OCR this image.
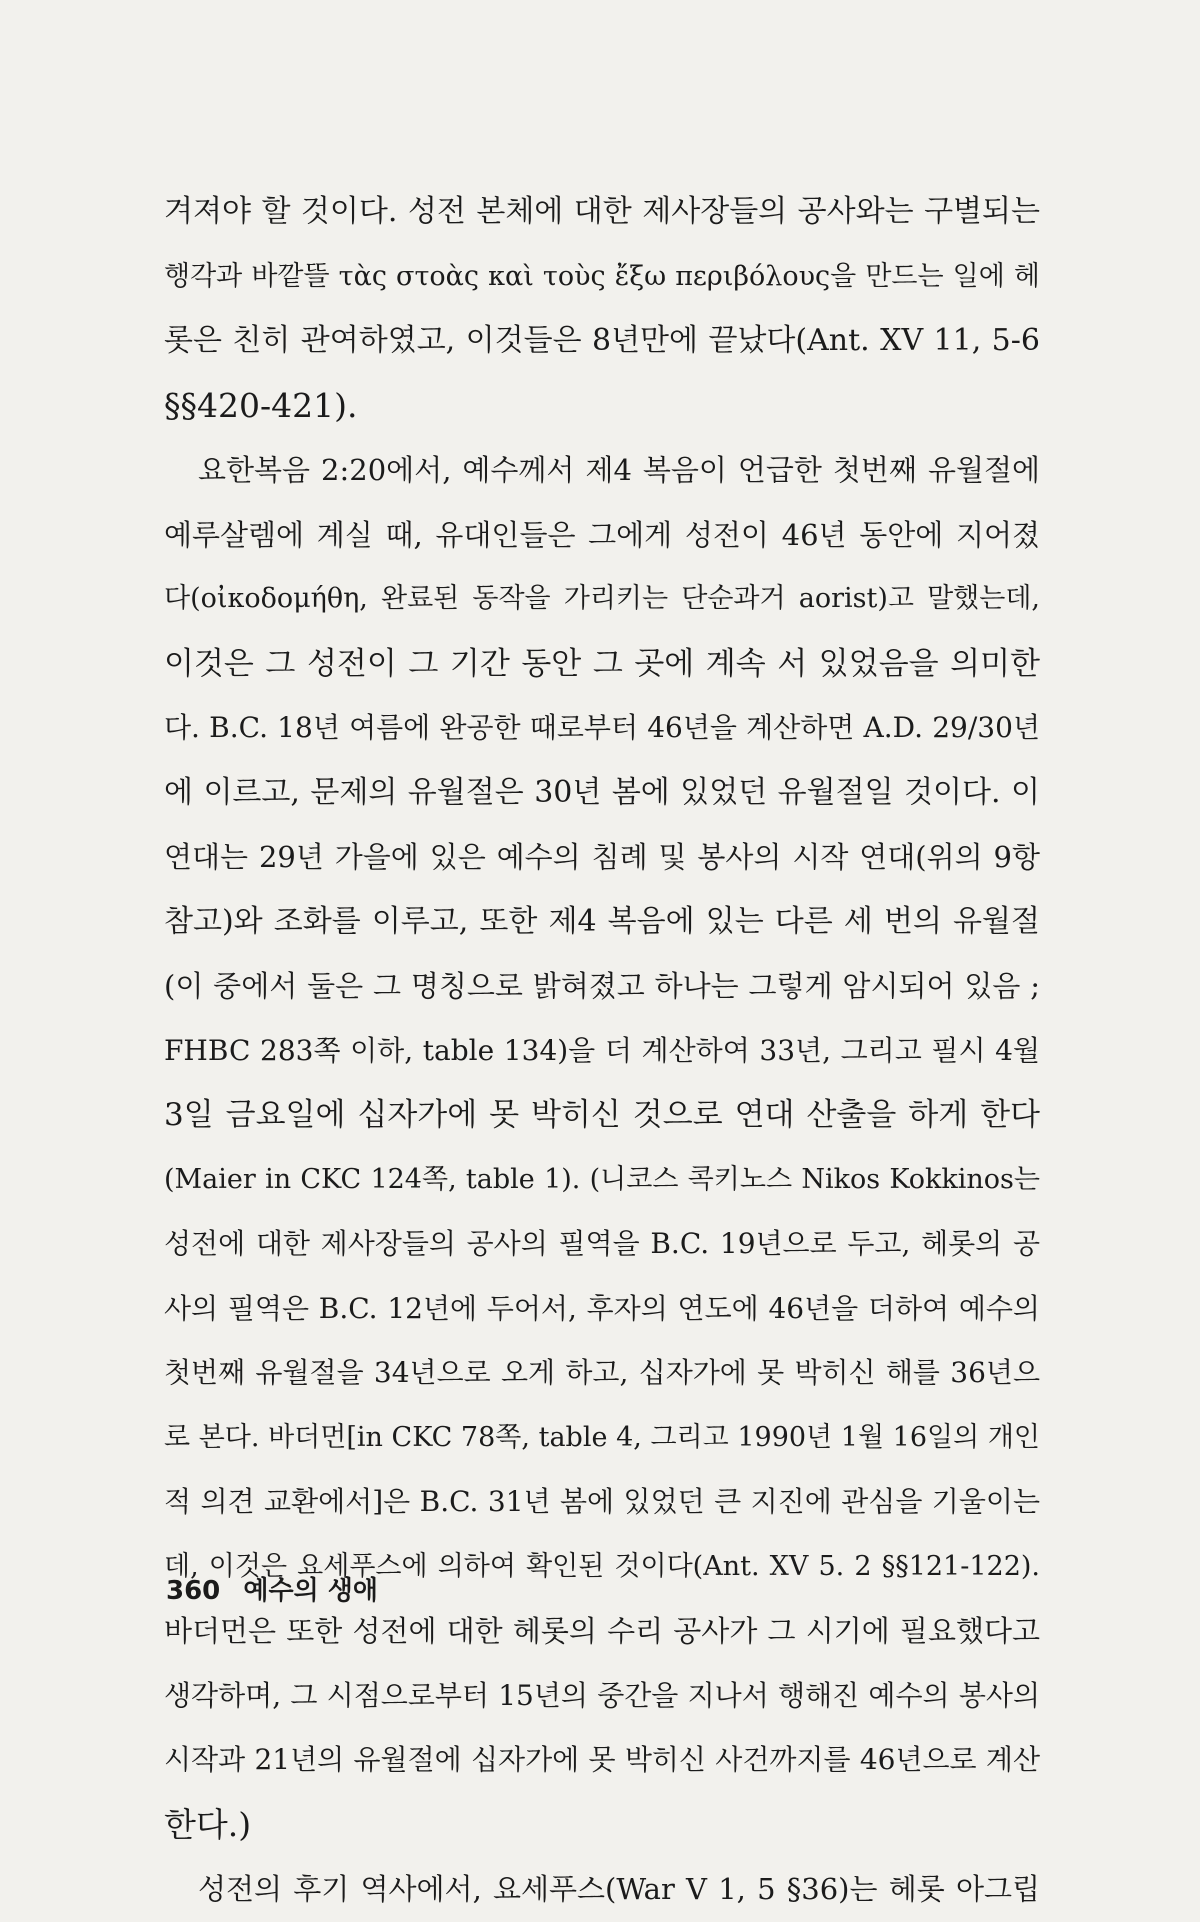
겨져야 할 것이다. 성전 본체에 대한 제사장들의 공사와는 구별되는
행각과 바깥뜰 τὰς στοὰς καὶ τοὺς ἔξω περιβόλους을 만드는 일에 헤
롯은 친히 관여하였고, 이것들은 8년만에 끝났다(Ant. XV 11, 5-6
§§420-421).
요한복음 2:20에서, 예수께서 제4 복음이 언급한 첫번째 유월절에
예루살렘에 계실 때, 유대인들은 그에게 성전이 46년 동안에 지어졌
다(οἰκοδομήθη, 완료된 동작을 가리키는 단순과거 aorist)고 말했는데,
이것은 그 성전이 그 기간 동안 그 곳에 계속 서 있었음을 의미한
다. B.C. 18년 여름에 완공한 때로부터 46년을 계산하면 A.D. 29/30년
에 이르고, 문제의 유월절은 30년 봄에 있었던 유월절일 것이다. 이
연대는 29년 가을에 있은 예수의 침례 및 봉사의 시작 연대(위의 9항
참고)와 조화를 이루고, 또한 제4 복음에 있는 다른 세 번의 유월절
(이 중에서 둘은 그 명칭으로 밝혀졌고 하나는 그렇게 암시되어 있음 ;
FHBC 283쪽 이하, table 134)을 더 계산하여 33년, 그리고 필시 4월
3일 금요일에 십자가에 못 박히신 것으로 연대 산출을 하게 한다
(Maier in CKC 124쪽, table 1). (니코스 콕키노스 Nikos Kokkinos는
성전에 대한 제사장들의 공사의 필역을 B.C. 19년으로 두고, 헤롯의 공
사의 필역은 B.C. 12년에 두어서, 후자의 연도에 46년을 더하여 예수의
첫번째 유월절을 34년으로 오게 하고, 십자가에 못 박히신 해를 36년으
로 본다. 바더먼[in CKC 78쪽, table 4, 그리고 1990년 1월 16일의 개인
적 의견 교환에서]은 B.C. 31년 봄에 있었던 큰 지진에 관심을 기울이는
데, 이것은 요세푸스에 의하여 확인된 것이다(Ant. XV 5. 2 §§121-122).
바더먼은 또한 성전에 대한 헤롯의 수리 공사가 그 시기에 필요했다고
생각하며, 그 시점으로부터 15년의 중간을 지나서 행해진 예수의 봉사의
시작과 21년의 유월절에 십자가에 못 박히신 사건까지를 46년으로 계산
한다.)
성전의 후기 역사에서, 요세푸스(War V 1, 5 §36)는 헤롯 아그립
360 예수의 생애
